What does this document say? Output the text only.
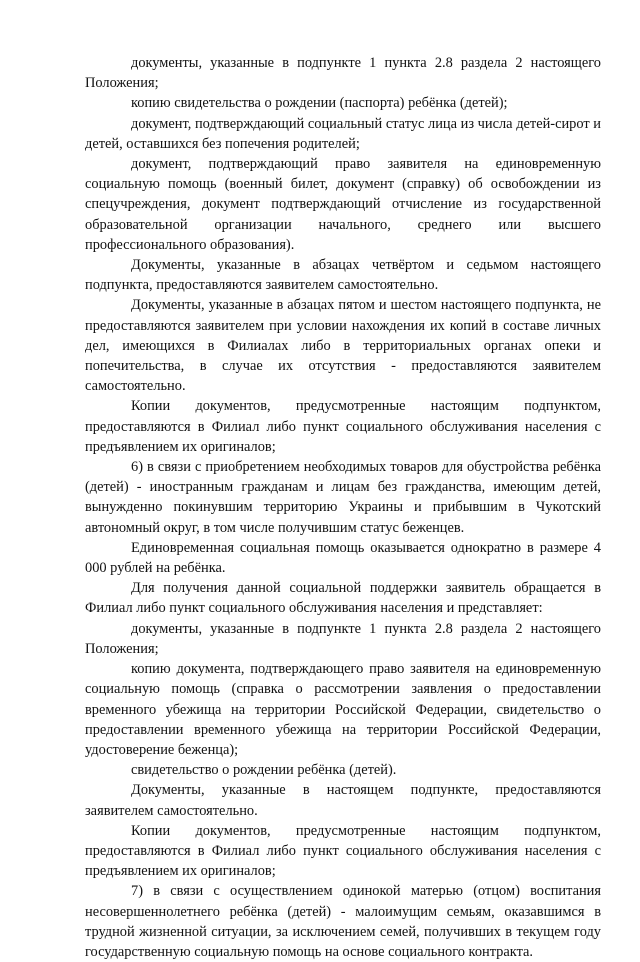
документы, указанные в подпункте 1 пункта 2.8 раздела 2 настоящего Положения;

копию свидетельства о рождении (паспорта) ребёнка (детей);

документ, подтверждающий социальный статус лица из числа детей-сирот и детей, оставшихся без попечения родителей;

документ, подтверждающий право заявителя на единовременную социальную помощь (военный билет, документ (справку) об освобождении из спецучреждения, документ подтверждающий отчисление из государственной образовательной организации начального, среднего или высшего профессионального образования).

Документы, указанные в абзацах четвёртом и седьмом настоящего подпункта, предоставляются заявителем самостоятельно.

Документы, указанные в абзацах пятом и шестом настоящего подпункта, не предоставляются заявителем при условии нахождения их копий в составе личных дел, имеющихся в Филиалах либо в территориальных органах опеки и попечительства, в случае их отсутствия - предоставляются заявителем самостоятельно.

Копии документов, предусмотренные настоящим подпунктом, предоставляются в Филиал либо пункт социального обслуживания населения с предъявлением их оригиналов;

6) в связи с приобретением необходимых товаров для обустройства ребёнка (детей) - иностранным гражданам и лицам без гражданства, имеющим детей, вынужденно покинувшим территорию Украины и прибывшим в Чукотский автономный округ, в том числе получившим статус беженцев.

Единовременная социальная помощь оказывается однократно в размере 4 000 рублей на ребёнка.

Для получения данной социальной поддержки заявитель обращается в Филиал либо пункт социального обслуживания населения и представляет:

документы, указанные в подпункте 1 пункта 2.8 раздела 2 настоящего Положения;

копию документа, подтверждающего право заявителя на единовременную социальную помощь (справка о рассмотрении заявления о предоставлении временного убежища на территории Российской Федерации, свидетельство о предоставлении временного убежища на территории Российской Федерации, удостоверение беженца);

свидетельство о рождении ребёнка (детей).

Документы, указанные в настоящем подпункте, предоставляются заявителем самостоятельно.

Копии документов, предусмотренные настоящим подпунктом, предоставляются в Филиал либо пункт социального обслуживания населения с предъявлением их оригиналов;

7) в связи с осуществлением одинокой матерью (отцом) воспитания несовершеннолетнего ребёнка (детей) - малоимущим семьям, оказавшимся в трудной жизненной ситуации, за исключением семей, получивших в текущем году государственную социальную помощь на основе социального контракта.
